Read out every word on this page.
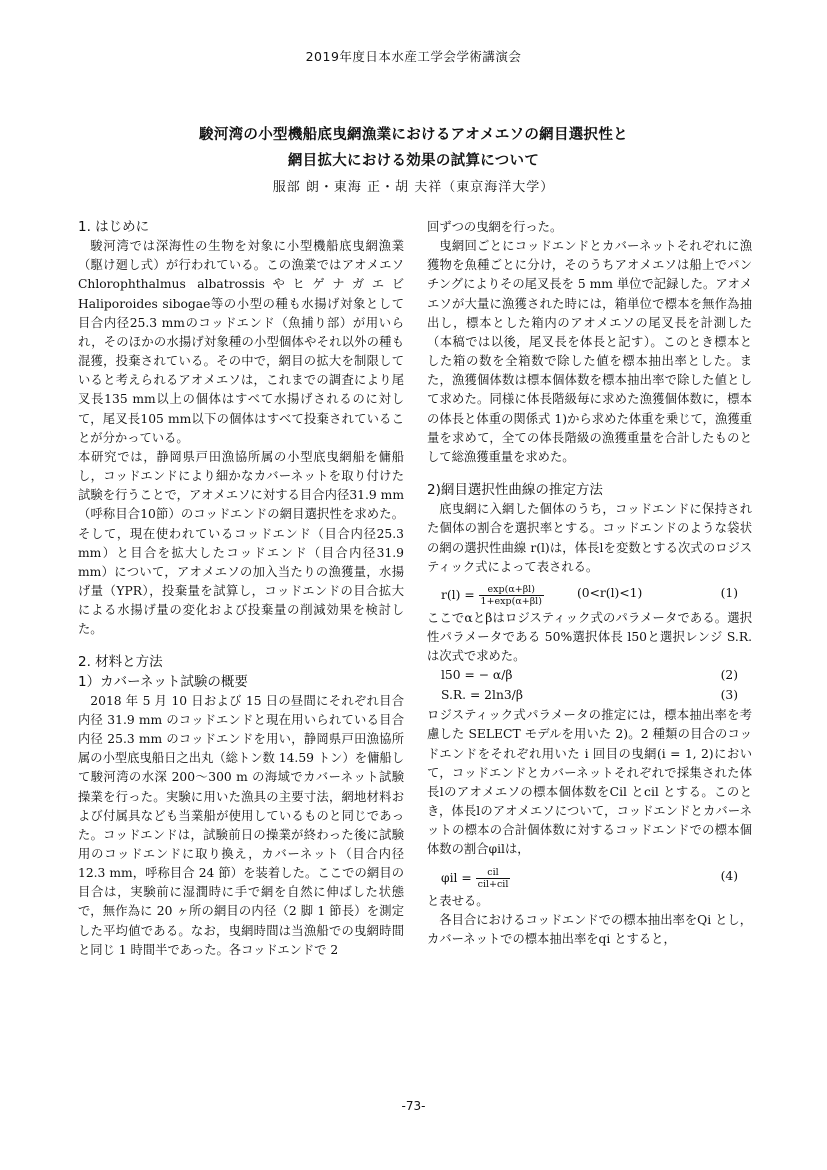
2019年度日本水産工学会学術講演会
駿河湾の小型機船底曳網漁業におけるアオメエソの網目選択性と
網目拡大における効果の試算について
服部 朗・東海 正・胡 夫祥（東京海洋大学）

1. はじめに

駿河湾では深海性の生物を対象に小型機船底曳網漁業（駆け廻し式）が行われている。この漁業ではアオメエソChlorophthalmus albatrossisやヒゲナガエビHaliporoides sibogae等の小型の種も水揚げ対象として目合内径25.3 mmのコッドエンド（魚捕り部）が用いられ，そのほかの水揚げ対象種の小型個体やそれ以外の種も混獲，投棄されている。その中で，網目の拡大を制限していると考えられるアオメエソは，これまでの調査により尾叉長135 mm以上の個体はすべて水揚げされるのに対して，尾叉長105 mm以下の個体はすべて投棄されていることが分かっている。

本研究では，静岡県戸田漁協所属の小型底曳網船を傭船し，コッドエンドにより細かなカバーネットを取り付けた試験を行うことで，アオメエソに対する目合内径31.9 mm（呼称目合10節）のコッドエンドの網目選択性を求めた。そして，現在使われているコッドエンド（目合内径25.3 mm）と目合を拡大したコッドエンド（目合内径31.9 mm）について，アオメエソの加入当たりの漁獲量，水揚げ量（YPR），投棄量を試算し，コッドエンドの目合拡大による水揚げ量の変化および投棄量の削減効果を検討した。

2. 材料と方法

1）カバーネット試験の概要

2018 年 5 月 10 日および 15 日の昼間にそれぞれ目合内径 31.9 mm のコッドエンドと現在用いられている目合内径 25.3 mm のコッドエンドを用い，静岡県戸田漁協所属の小型底曳船日之出丸（総トン数 14.59 トン）を傭船して駿河湾の水深 200〜300 m の海域でカバーネット試験操業を行った。実験に用いた漁具の主要寸法，網地材料および付属具なども当業船が使用しているものと同じであった。コッドエンドは，試験前日の操業が終わった後に試験用のコッドエンドに取り換え，カバーネット（目合内径 12.3 mm，呼称目合 24 節）を装着した。ここでの網目の目合は，実験前に湿潤時に手で網を自然に伸ばした状態で，無作為に 20 ヶ所の網目の内径（2 脚 1 節長）を測定した平均値である。なお，曳網時間は当漁船での曳網時間と同じ 1 時間半であった。各コッドエンドで 2

回ずつの曳網を行った。

曳網回ごとにコッドエンドとカバーネットそれぞれに漁獲物を魚種ごとに分け，そのうちアオメエソは船上でパンチングによりその尾叉長を 5 mm 単位で記録した。アオメエソが大量に漁獲された時には，箱単位で標本を無作為抽出し，標本とした箱内のアオメエソの尾叉長を計測した（本稿では以後，尾叉長を体長と記す）。このとき標本とした箱の数を全箱数で除した値を標本抽出率とした。また，漁獲個体数は標本個体数を標本抽出率で除した値として求めた。同様に体長階級毎に求めた漁獲個体数に，標本の体長と体重の関係式 1)から求めた体重を乗じて，漁獲重量を求めて，全ての体長階級の漁獲重量を合計したものとして総漁獲重量を求めた。

2)網目選択性曲線の推定方法

底曳網に入網した個体のうち，コッドエンドに保持された個体の割合を選択率とする。コッドエンドのような袋状の網の選択性曲線 r(l)は，体長lを変数とする次式のロジスティック式によって表される。

$r(l) = \frac{\exp(\alpha+\beta l)}{1+\exp(\alpha+\beta l)}$	(0<r(l)<1)	(1)

ここでαとβはロジスティック式のパラメータである。選択性パラメータである 50%選択体長 l50と選択レンジ S.R.は次式で求めた。

l50 = − α/β	(2)
S.R. = 2ln3/β	(3)

ロジスティック式パラメータの推定には，標本抽出率を考慮した SELECT モデルを用いた 2)。2 種類の目合のコッドエンドをそれぞれ用いた i 回目の曳網(i = 1, 2)において，コッドエンドとカバーネットそれぞれで採集された体長lのアオメエソの標本個体数をCil とcil とする。このとき，体長lのアオメエソについて，コッドエンドとカバーネットの標本の合計個体数に対するコッドエンドでの標本個体数の割合φilは，

$\varphi il = \frac{\text{cil}}{\text{cil+cil}}$	(4)

と表せる。

各目合におけるコッドエンドでの標本抽出率をQi とし，カバーネットでの標本抽出率をqi とすると，

-73-
